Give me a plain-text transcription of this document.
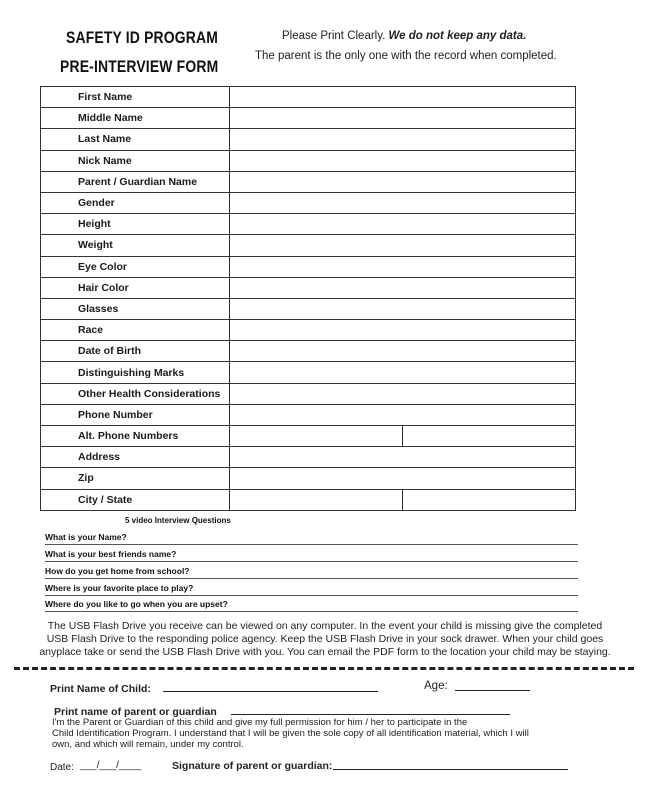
SAFETY ID PROGRAM
PRE-INTERVIEW FORM
Please Print Clearly. We do not keep any data.
The parent is the only one with the record when completed.
First Name		
Middle Name		
Last Name		
Nick Name		
Parent / Guardian Name		
Gender		
Height		
Weight		
Eye Color		
Hair Color		
Glasses		
Race		
Date of Birth		
Distinguishing Marks		
Other Health Considerations		
Phone Number		
Alt. Phone Numbers		
Address		
Zip		
City / State		
5 video Interview Questions
What is your Name?
What is your best friends name?
How do you get home from school?
Where is your favorite place to play?
Where do you like to go when you are upset?
The USB Flash Drive you receive can be viewed on any computer. In the event your child is missing give the completed
USB Flash Drive to the responding police agency. Keep the USB Flash Drive in your sock drawer. When your child goes
anyplace take or send the USB Flash Drive with you. You can email the PDF form to the location your child may be staying.
Print Name of Child:	Age:
Print name of parent or guardian
I'm the Parent or Guardian of this child and give my full permission for him / her to participate in the
Child Identification Program. I understand that I will be given the sole copy of all identification material, which I will
own, and which will remain, under my control.
Date: ___/___/____	Signature of parent or guardian:
